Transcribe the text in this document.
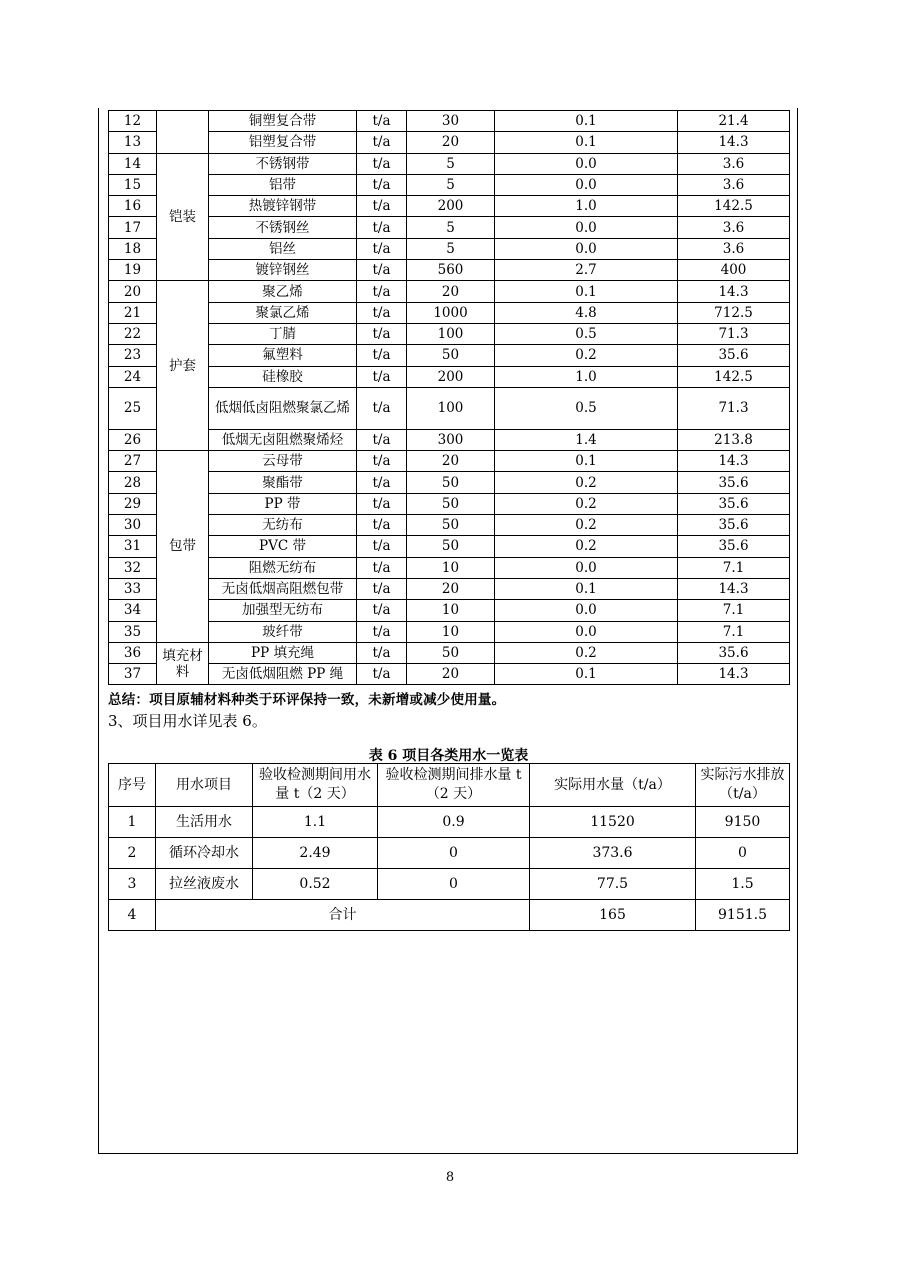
12		铜塑复合带	t/a	30	0.1	21.4
13		铝塑复合带	t/a	20	0.1	14.3
14	铠装	不锈钢带	t/a	5	0.0	3.6
15		铝带	t/a	5	0.0	3.6
16		热镀锌钢带	t/a	200	1.0	142.5
17		不锈钢丝	t/a	5	0.0	3.6
18		铝丝	t/a	5	0.0	3.6
19		镀锌钢丝	t/a	560	2.7	400
20	护套	聚乙烯	t/a	20	0.1	14.3
21		聚氯乙烯	t/a	1000	4.8	712.5
22		丁腈	t/a	100	0.5	71.3
23		氟塑料	t/a	50	0.2	35.6
24		硅橡胶	t/a	200	1.0	142.5
25		低烟低卤阻燃聚氯乙烯	t/a	100	0.5	71.3
26		低烟无卤阻燃聚烯烃	t/a	300	1.4	213.8
27	包带	云母带	t/a	20	0.1	14.3
28		聚酯带	t/a	50	0.2	35.6
29		PP 带	t/a	50	0.2	35.6
30		无纺布	t/a	50	0.2	35.6
31		PVC 带	t/a	50	0.2	35.6
32		阻燃无纺布	t/a	10	0.0	7.1
33		无卤低烟高阻燃包带	t/a	20	0.1	14.3
34		加强型无纺布	t/a	10	0.0	7.1
35		玻纤带	t/a	10	0.0	7.1
36	填充材料	PP 填充绳	t/a	50	0.2	35.6
37		无卤低烟阻燃 PP 绳	t/a	20	0.1	14.3
总结：项目原辅材料种类于环评保持一致，未新增或减少使用量。
3、项目用水详见表 6。
表 6 项目各类用水一览表
序号	用水项目	验收检测期间用水量 t（2 天）	验收检测期间排水量 t（2 天）	实际用水量（t/a）	实际污水排放（t/a）
1	生活用水	1.1	0.9	11520	9150
2	循环冷却水	2.49	0	373.6	0
3	拉丝液废水	0.52	0	77.5	1.5
4	合计			165	9151.5
8
